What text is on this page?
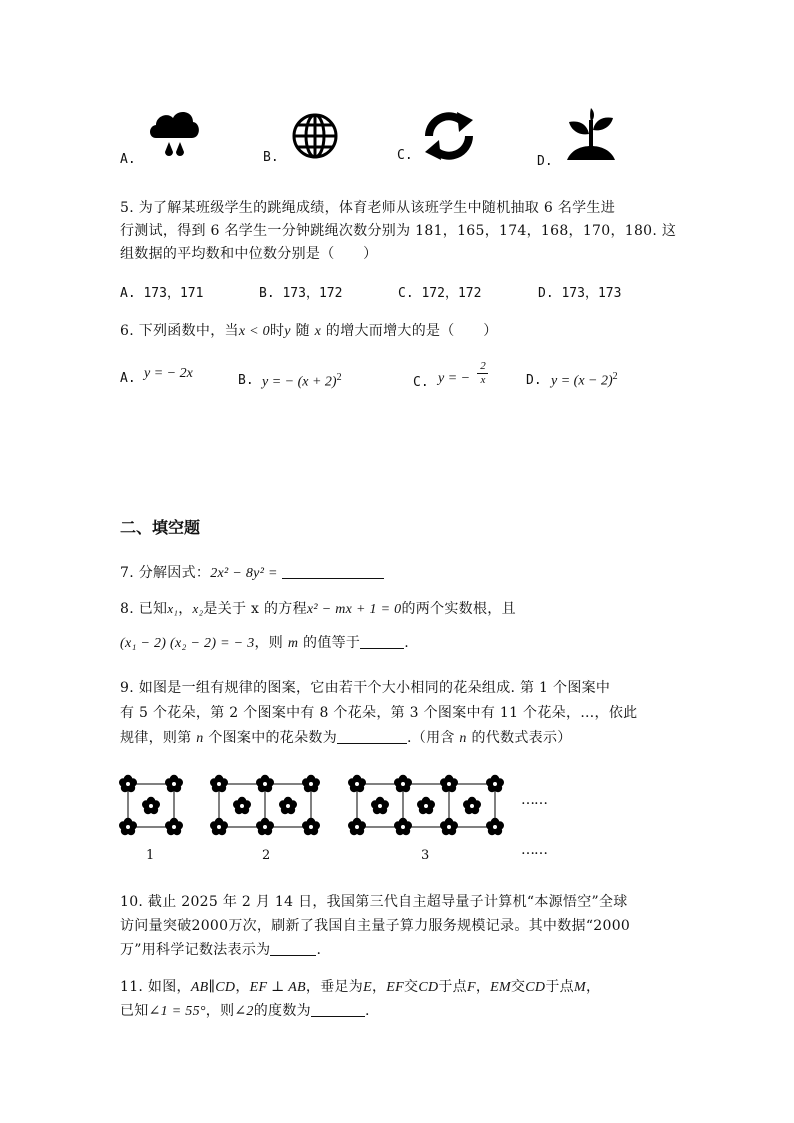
A.	B.	C.	D.
5. 为了解某班级学生的跳绳成绩，体育老师从该班学生中随机抽取 6 名学生进
行测试，得到 6 名学生一分钟跳绳次数分别为 181，165，174，168，170，180. 这
组数据的平均数和中位数分别是（　　）
A. 173，171	B. 173，172	C. 172，172	D. 173，173
6. 下列函数中，当x < 0时y 随 x 的增大而增大的是（　　）
A. y = − 2x	B. y = − $(x + 2)^2$	C. y = −
2
x	D. $y = (x - 2)^2$
二、填空题
7. 分解因式：2x² − 8y² =
8. 已知x₁，x₂是关于 x 的方程x² − mx + 1 = 0的两个实数根，且
(x₁ − 2) (x₂ − 2) = − 3，则 m 的值等于	.
9. 如图是一组有规律的图案，它由若干个大小相同的花朵组成. 第 1 个图案中
有 5 个花朵，第 2 个图案中有 8 个花朵，第 3 个图案中有 11 个花朵，…，依此
规律，则第 n 个图案中的花朵数为	.（用含 n 的代数式表示）
……
1	2	3	……
10. 截止 2025 年 2 月 14 日，我国第三代自主超导量子计算机“本源悟空”全球
访问量突破2000万次，刷新了我国自主量子算力服务规模记录。其中数据“2000
万”用科学记数法表示为	.
11. 如图，AB∥CD，EF ⊥ AB，垂足为E，EF交CD于点F，EM交CD于点M，
已知∠1 = 55°，则∠2的度数为	.
